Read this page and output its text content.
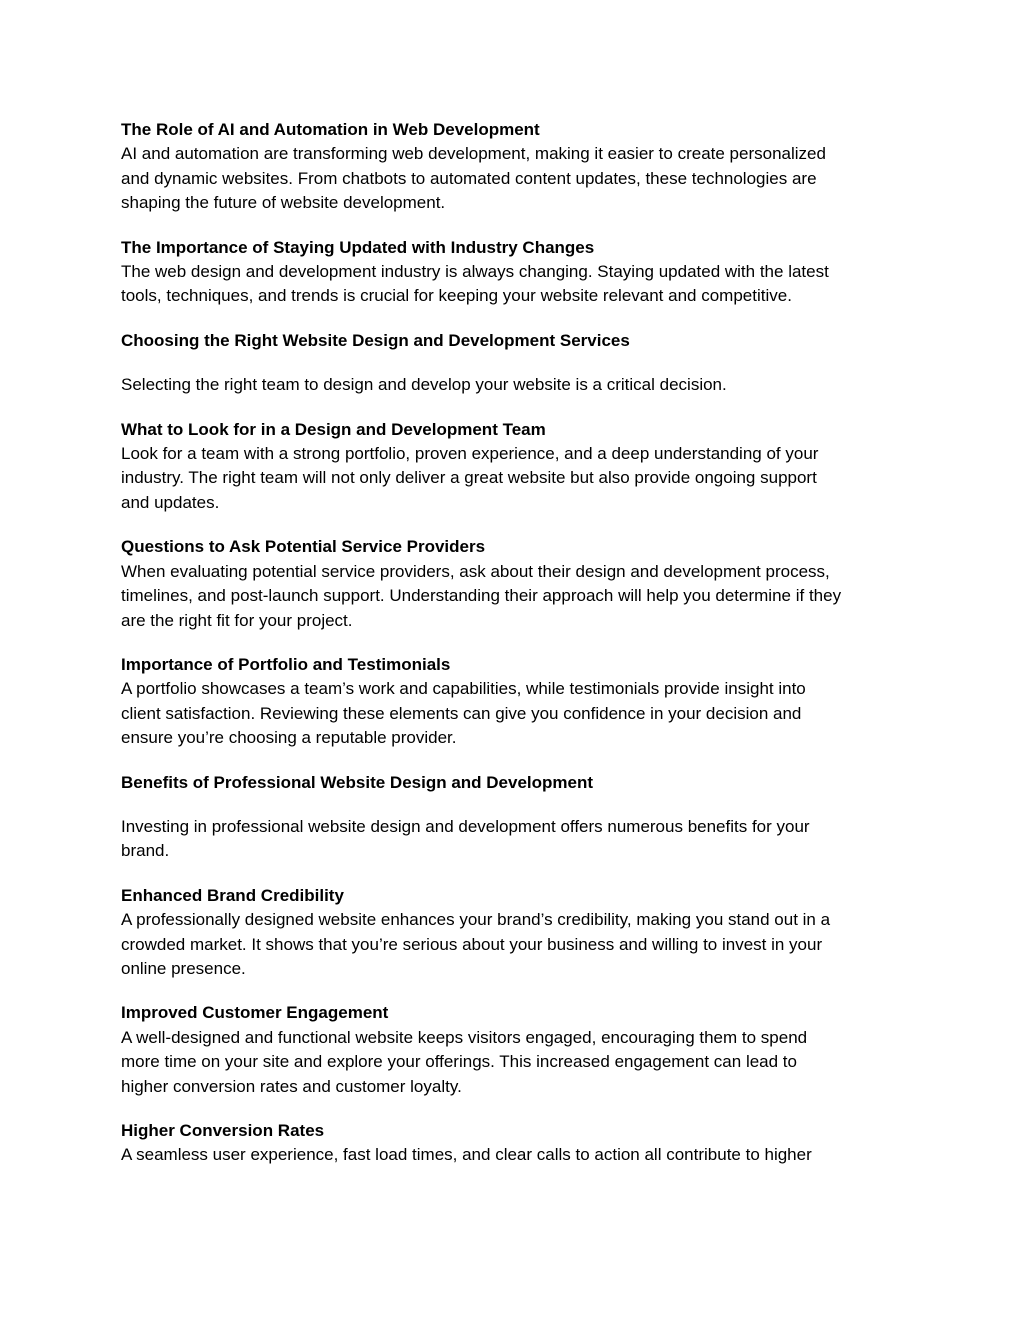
The Role of AI and Automation in Web Development
AI and automation are transforming web development, making it easier to create personalized
and dynamic websites. From chatbots to automated content updates, these technologies are
shaping the future of website development.
The Importance of Staying Updated with Industry Changes
The web design and development industry is always changing. Staying updated with the latest
tools, techniques, and trends is crucial for keeping your website relevant and competitive.
Choosing the Right Website Design and Development Services
Selecting the right team to design and develop your website is a critical decision.
What to Look for in a Design and Development Team
Look for a team with a strong portfolio, proven experience, and a deep understanding of your
industry. The right team will not only deliver a great website but also provide ongoing support
and updates.
Questions to Ask Potential Service Providers
When evaluating potential service providers, ask about their design and development process,
timelines, and post-launch support. Understanding their approach will help you determine if they
are the right fit for your project.
Importance of Portfolio and Testimonials
A portfolio showcases a team’s work and capabilities, while testimonials provide insight into
client satisfaction. Reviewing these elements can give you confidence in your decision and
ensure you’re choosing a reputable provider.
Benefits of Professional Website Design and Development
Investing in professional website design and development offers numerous benefits for your
brand.
Enhanced Brand Credibility
A professionally designed website enhances your brand’s credibility, making you stand out in a
crowded market. It shows that you’re serious about your business and willing to invest in your
online presence.
Improved Customer Engagement
A well-designed and functional website keeps visitors engaged, encouraging them to spend
more time on your site and explore your offerings. This increased engagement can lead to
higher conversion rates and customer loyalty.
Higher Conversion Rates
A seamless user experience, fast load times, and clear calls to action all contribute to higher
